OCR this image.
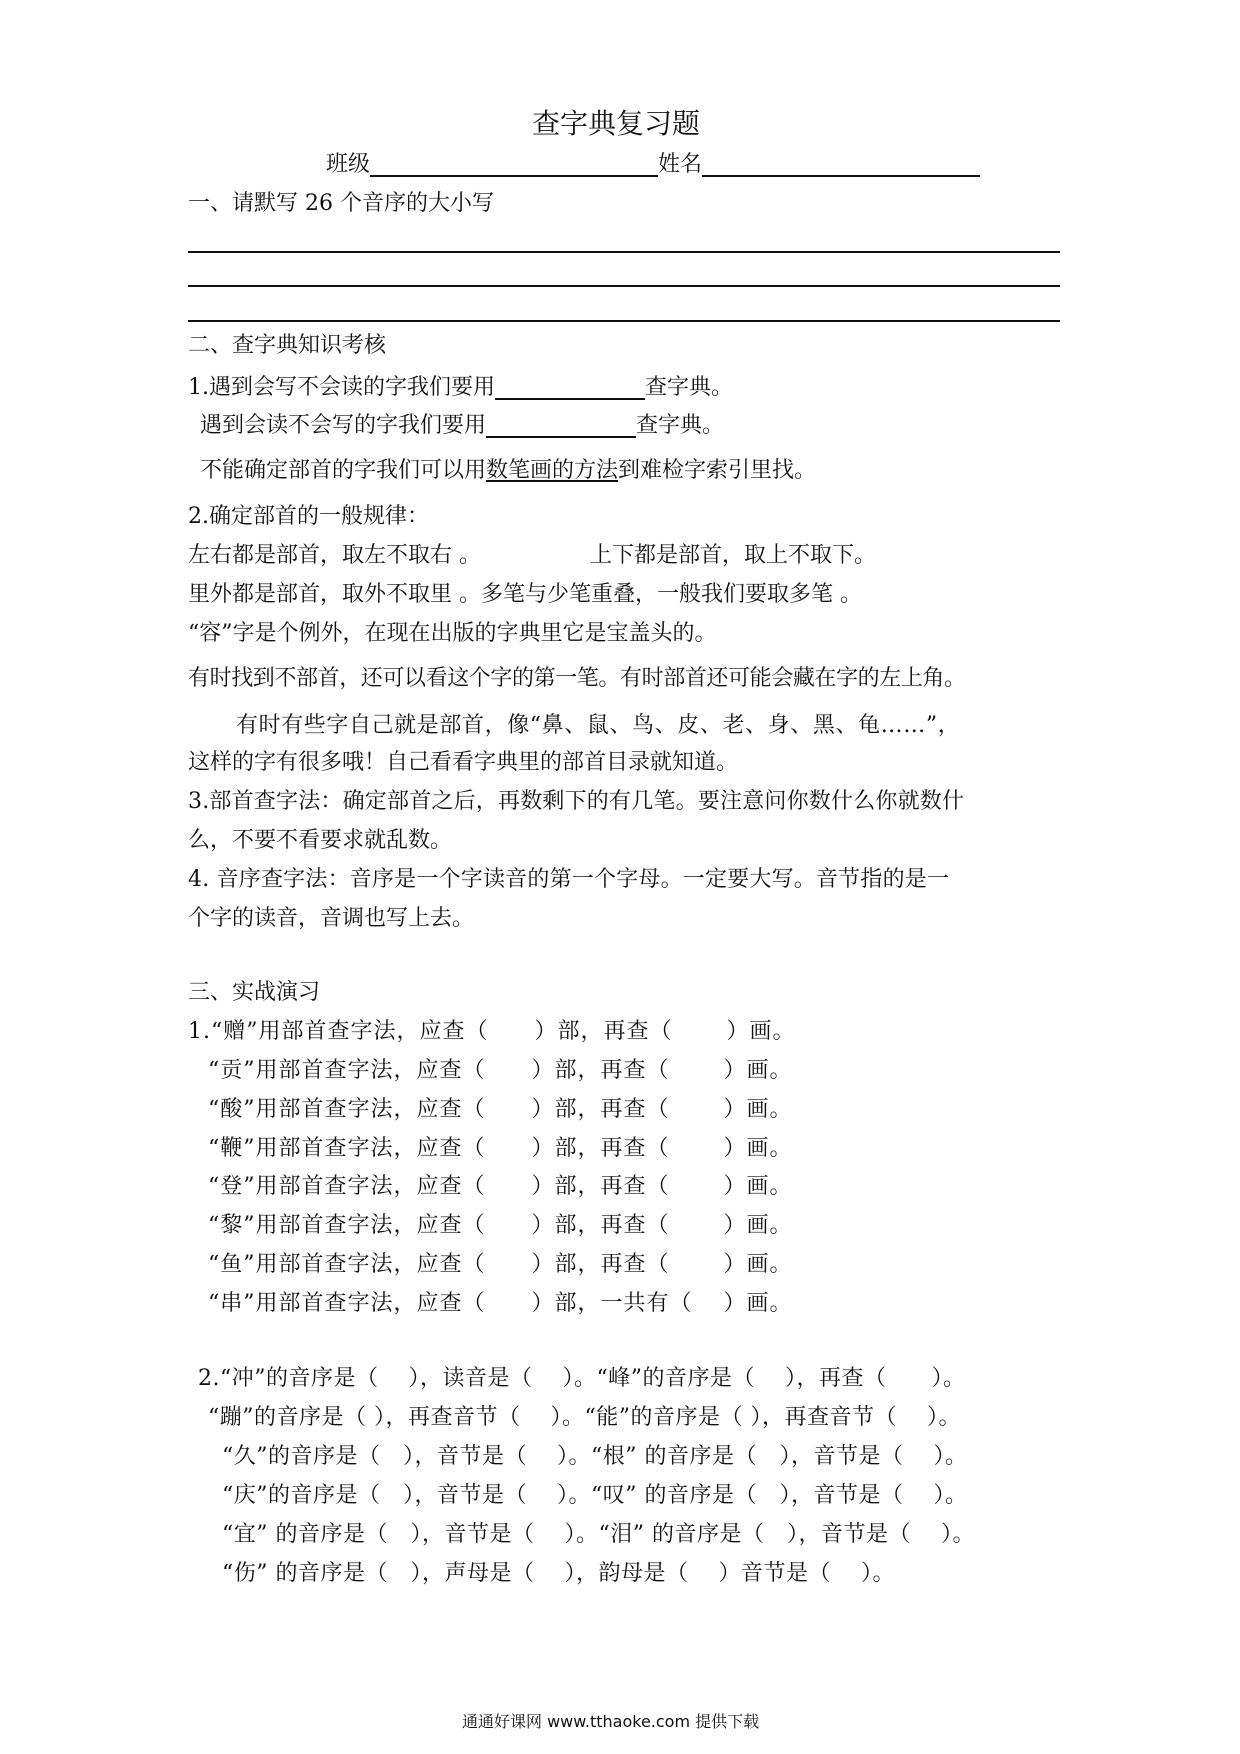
查字典复习题
班级	姓名
一、请默写 26 个音序的大小写
二、查字典知识考核
1.遇到会写不会读的字我们要用	查字典。
遇到会读不会写的字我们要用	查字典。
不能确定部首的字我们可以用数笔画的方法到难检字索引里找。
2.确定部首的一般规律：
左右都是部首，取左不取右 。	上下都是部首，取上不取下。
里外都是部首，取外不取里 。多笔与少笔重叠，一般我们要取多笔 。
“容”字是个例外，在现在出版的字典里它是宝盖头的。
有时找到不部首，还可以看这个字的第一笔。有时部首还可能会藏在字的左上角。
有时有些字自己就是部首，像“鼻、鼠、鸟、皮、老、身、黑、龟……”，
这样的字有很多哦！自己看看字典里的部首目录就知道。
3.部首查字法：确定部首之后，再数剩下的有几笔。要注意问你数什么你就数什
么，不要不看要求就乱数。
4. 音序查字法：音序是一个字读音的第一个字母。一定要大写。音节指的是一
个字的读音，音调也写上去。
三、实战演习
1.“赠”用部首查字法，应查（　　）部，再查（　　 ）画。
“贡”用部首查字法，应查（　　）部，再查（　　 ）画。
“酸”用部首查字法，应查（　　）部，再查（　　 ）画。
“鞭”用部首查字法，应查（　　）部，再查（　　 ）画。
“登”用部首查字法，应查（　　）部，再查（　　 ）画。
“黎”用部首查字法，应查（　　）部，再查（　　 ）画。
“鱼”用部首查字法，应查（　　）部，再查（　　 ）画。
“串”用部首查字法，应查（　　）部，一共有（　 ）画。
2.“冲”的音序是（　 ），读音是（　 ）。“峰”的音序是（　 ），再查（　　）。
“蹦”的音序是（ ），再查音节（　 ）。“能”的音序是（ ），再查音节（　 ）。
“久”的音序是（　），音节是（　 ）。“根” 的音序是（　），音节是（　 ）。
“庆”的音序是（　），音节是（　 ）。“叹” 的音序是（　），音节是（　 ）。
“宜” 的音序是（　），音节是（　 ）。“泪” 的音序是（　），音节是（　 ）。
“伤” 的音序是（　），声母是（　 ），韵母是（　 ）音节是（　 ）。
通通好课网 www.tthaoke.com 提供下载
